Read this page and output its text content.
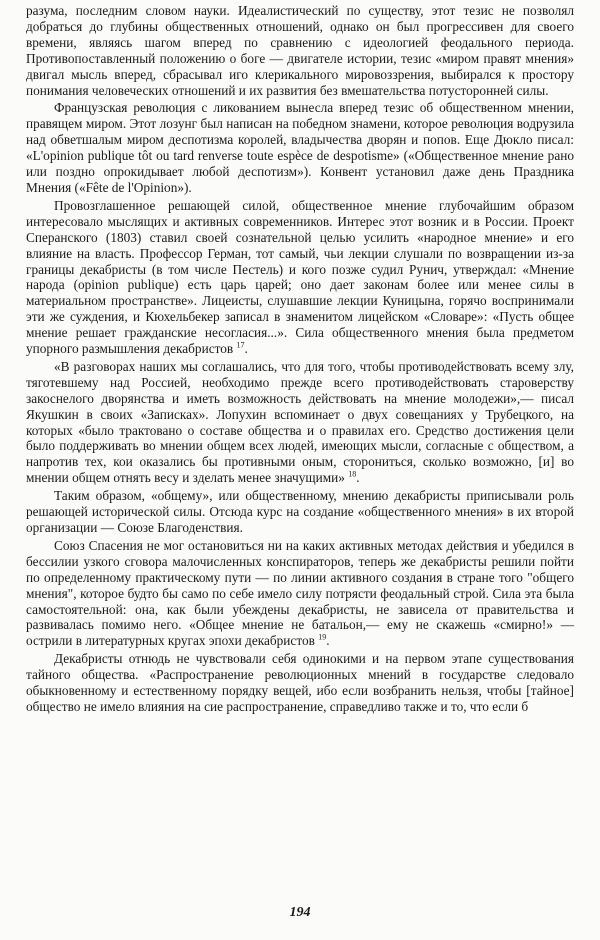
разума, последним словом науки. Идеалистический по существу, этот тезис не позволял добраться до глубины общественных отношений, однако он был прогрессивен для своего времени, являясь шагом вперед по сравнению с идеологией феодального периода. Противопоставленный положению о боге — двигателе истории, тезис «миром правят мнения» двигал мысль вперед, сбрасывал иго клерикального мировоззрения, выбирался к простору понимания человеческих отношений и их развития без вмешательства потусторонней силы.

Французская революция с ликованием вынесла вперед тезис об общественном мнении, правящем миром. Этот лозунг был написан на победном знамени, которое революция водрузила над обветшалым миром деспотизма королей, владычества дворян и попов. Еще Дюкло писал: «L'opinion publique tôt ou tard renverse toute espèce de despotisme» («Общественное мнение рано или поздно опрокидывает любой деспотизм»). Конвент установил даже день Праздника Мнения («Fête de l'Opinion»).

Провозглашенное решающей силой, общественное мнение глубочайшим образом интересовало мыслящих и активных современников. Интерес этот возник и в России. Проект Сперанского (1803) ставил своей сознательной целью усилить «народное мнение» и его влияние на власть. Профессор Герман, тот самый, чьи лекции слушали по возвращении из-за границы декабристы (в том числе Пестель) и кого позже судил Рунич, утверждал: «Мнение народа (opinion publique) есть царь царей; оно дает законам более или менее силы в материальном пространстве». Лицеисты, слушавшие лекции Куницына, горячо воспринимали эти же суждения, и Кюхельбекер записал в знаменитом лицейском «Словаре»: «Пусть общее мнение решает гражданские несогласия...». Сила общественного мнения была предметом упорного размышления декабристов $^{17}$.

«В разговорах наших мы соглашались, что для того, чтобы противодействовать всему злу, тяготевшему над Россией, необходимо прежде всего противодействовать староверству закоснелого дворянства и иметь возможность действовать на мнение молодежи»,— писал Якушкин в своих «Записках». Лопухин вспоминает о двух совещаниях у Трубецкого, на которых «было трактовано о составе общества и о правилах его. Средство достижения цели было поддерживать во мнении общем всех людей, имеющих мысли, согласные с обществом, а напротив тех, кои оказались бы противными оным, сторониться, сколько возможно, [и] во мнении общем отнять весу и зделать менее значущими» $^{18}$.

Таким образом, «общему», или общественному, мнению декабристы приписывали роль решающей исторической силы. Отсюда курс на создание «общественного мнения» в их второй организации — Союзе Благоденствия.

Союз Спасения не мог остановиться ни на каких активных методах действия и убедился в бессилии узкого сговора малочисленных конспираторов, теперь же декабристы решили пойти по определенному практическому пути — по линии активного создания в стране того "общего мнения", которое будто бы само по себе имело силу потрясти феодальный строй. Сила эта была самостоятельной: она, как были убеждены декабристы, не зависела от правительства и развивалась помимо него. «Общее мнение не батальон,— ему не скажешь «смирно!» — острили в литературных кругах эпохи декабристов $^{19}$.

Декабристы отнюдь не чувствовали себя одинокими и на первом этапе существования тайного общества. «Распространение революционных мнений в государстве следовало обыкновенному и естественному порядку вещей, ибо если возбранить нельзя, чтобы [тайное] общество не имело влияния на сие распространение, справедливо также и то, что если б

194
